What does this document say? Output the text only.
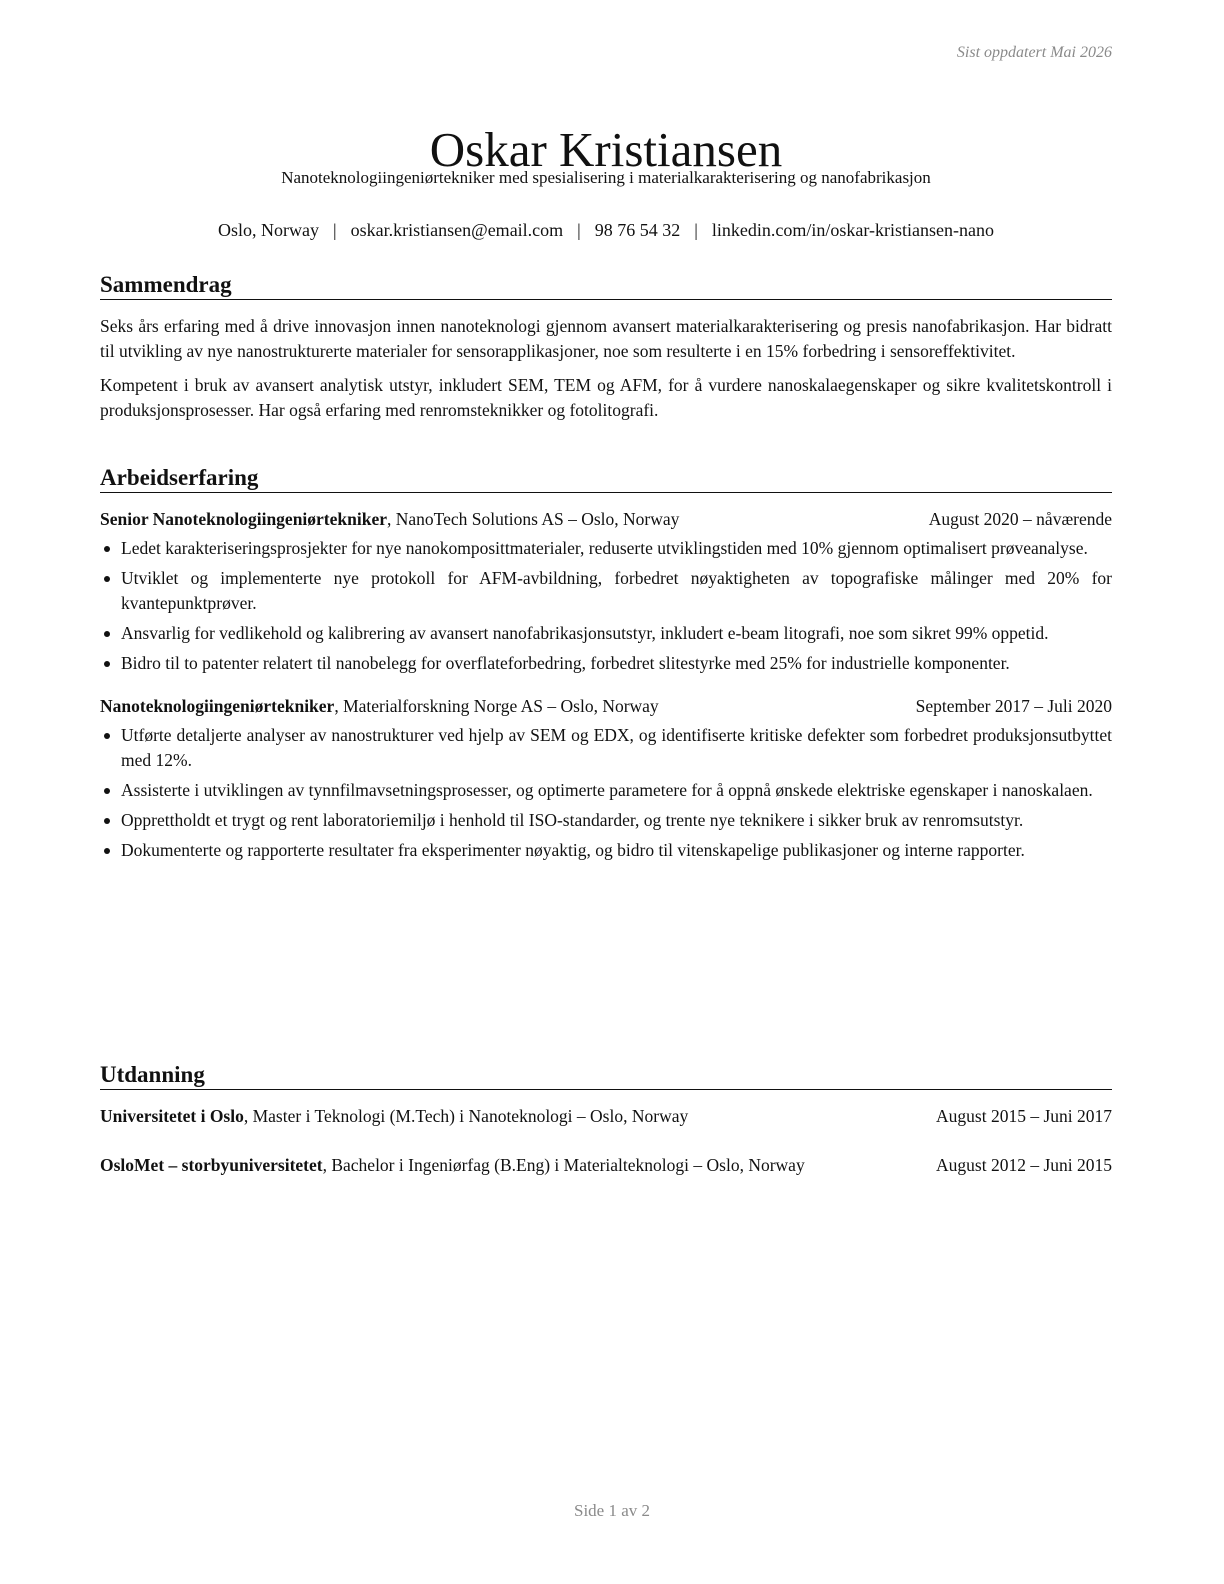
Sist oppdatert Mai 2026
Oskar Kristiansen
Nanoteknologiingeniørtekniker med spesialisering i materialkarakterisering og nanofabrikasjon
Oslo, Norway | oskar.kristiansen@email.com | 98 76 54 32 | linkedin.com/in/oskar-kristiansen-nano
Sammendrag

Seks års erfaring med å drive innovasjon innen nanoteknologi gjennom avansert materialkarakterisering og presis nanofabrikasjon. Har bidratt til utvikling av nye nanostrukturerte materialer for sensorapplikasjoner, noe som resulterte i en 15% forbedring i sensoreffektivitet.

Kompetent i bruk av avansert analytisk utstyr, inkludert SEM, TEM og AFM, for å vurdere nanoskalaegenskaper og sikre kvalitetskontroll i produksjonsprosesser. Har også erfaring med renromsteknikker og fotolitografi.

Arbeidserfaring
Senior Nanoteknologiingeniørtekniker, NanoTech Solutions AS – Oslo, Norway	August 2020 – nåværende
Ledet karakteriseringsprosjekter for nye nanokomposittmaterialer, reduserte utviklingstiden med 10% gjennom optimalisert prøveanalyse.
Utviklet og implementerte nye protokoll for AFM-avbildning, forbedret nøyaktigheten av topografiske målinger med 20% for kvantepunktprøver.
Ansvarlig for vedlikehold og kalibrering av avansert nanofabrikasjonsutstyr, inkludert e-beam litografi, noe som sikret 99% oppetid.
Bidro til to patenter relatert til nanobelegg for overflateforbedring, forbedret slitestyrke med 25% for industrielle komponenter.
Nanoteknologiingeniørtekniker, Materialforskning Norge AS – Oslo, Norway	September 2017 – Juli 2020
Utførte detaljerte analyser av nanostrukturer ved hjelp av SEM og EDX, og identifiserte kritiske defekter som forbedret produksjonsutbyttet med 12%.
Assisterte i utviklingen av tynnfilmavsetningsprosesser, og optimerte parametere for å oppnå ønskede elektriske egenskaper i nanoskalaen.
Opprettholdt et trygt og rent laboratoriemiljø i henhold til ISO-standarder, og trente nye teknikere i sikker bruk av renromsutstyr.
Dokumenterte og rapporterte resultater fra eksperimenter nøyaktig, og bidro til vitenskapelige publikasjoner og interne rapporter.
Utdanning
Universitetet i Oslo, Master i Teknologi (M.Tech) i Nanoteknologi – Oslo, Norway	August 2015 – Juni 2017
OsloMet – storbyuniversitetet, Bachelor i Ingeniørfag (B.Eng) i Materialteknologi – Oslo, Norway	August 2012 – Juni 2015
Side 1 av 2
